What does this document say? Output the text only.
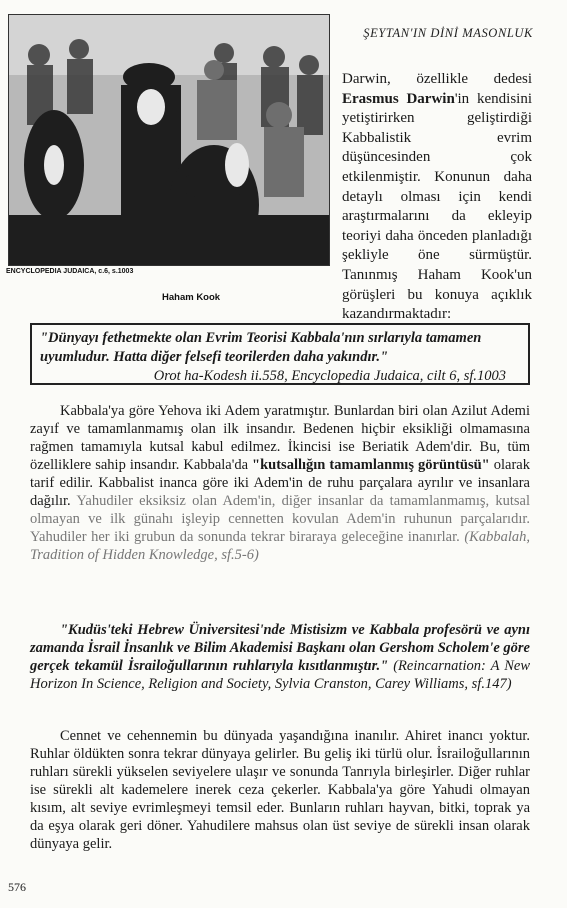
ŞEYTAN'IN DİNİ MASONLUK
ENCYCLOPEDIA JUDAICA, c.6, s.1003
Haham Kook
Darwin, özellikle dedesi Erasmus Darwin'in kendisini yetiştirirken geliştirdiği Kabbalistik evrim düşüncesinden çok etkilenmiştir. Konunun daha detaylı olması için kendi araştırmalarını da ekleyip teoriyi daha önceden planladığı şekliyle öne sürmüştür. Tanınmış Haham Kook'un görüşleri bu konuya açıklık kazandırmaktadır:
"Dünyayı fethetmekte olan Evrim Teorisi Kabbala'nın sırlarıyla tamamen uyumludur. Hatta diğer felsefi teorilerden daha yakındır."
Orot ha-Kodesh ii.558, Encyclopedia Judaica, cilt 6, sf.1003
Kabbala'ya göre Yehova iki Adem yaratmıştır. Bunlardan biri olan Azilut Ademi zayıf ve tamamlanmamış olan ilk insandır. Bedenen hiçbir eksikliği olmamasına rağmen tamamıyla kutsal kabul edilmez. İkincisi ise Beriatik Adem'dir. Bu, tüm özelliklere sahip insandır. Kabbala'da "kutsallığın tamamlanmış görüntüsü" olarak tarif edilir. Kabbalist inanca göre iki Adem'in de ruhu parçalara ayrılır ve insanlara dağılır. Yahudiler eksiksiz olan Adem'in, diğer insanlar da tamamlanmamış, kutsal olmayan ve ilk günahı işleyip cennetten kovulan Adem'in ruhunun parçalarıdır. Yahudiler her iki grubun da sonunda tekrar biraraya geleceğine inanırlar. (Kabbalah, Tradition of Hidden Knowledge, sf.5-6)
"Kudüs'teki Hebrew Üniversitesi'nde Mistisizm ve Kabbala profesörü ve aynı zamanda İsrail İnsanlık ve Bilim Akademisi Başkanı olan Gershom Scholem'e göre gerçek tekamül İsrailoğullarının ruhlarıyla kısıtlanmıştır." (Reincarnation: A New Horizon In Science, Religion and Society, Sylvia Cranston, Carey Williams, sf.147)
Cennet ve cehennemin bu dünyada yaşandığına inanılır. Ahiret inancı yoktur. Ruhlar öldükten sonra tekrar dünyaya gelirler. Bu geliş iki türlü olur. İsrailoğullarının ruhları sürekli yükselen seviyelere ulaşır ve sonunda Tanrıyla birleşirler. Diğer ruhlar ise sürekli alt kademelere inerek ceza çekerler. Kabbala'ya göre Yahudi olmayan kısım, alt seviye evrimleşmeyi temsil eder. Bunların ruhları hayvan, bitki, toprak ya da eşya olarak geri döner. Yahudilere mahsus olan üst seviye de sürekli insan olarak dünyaya gelir.
576
